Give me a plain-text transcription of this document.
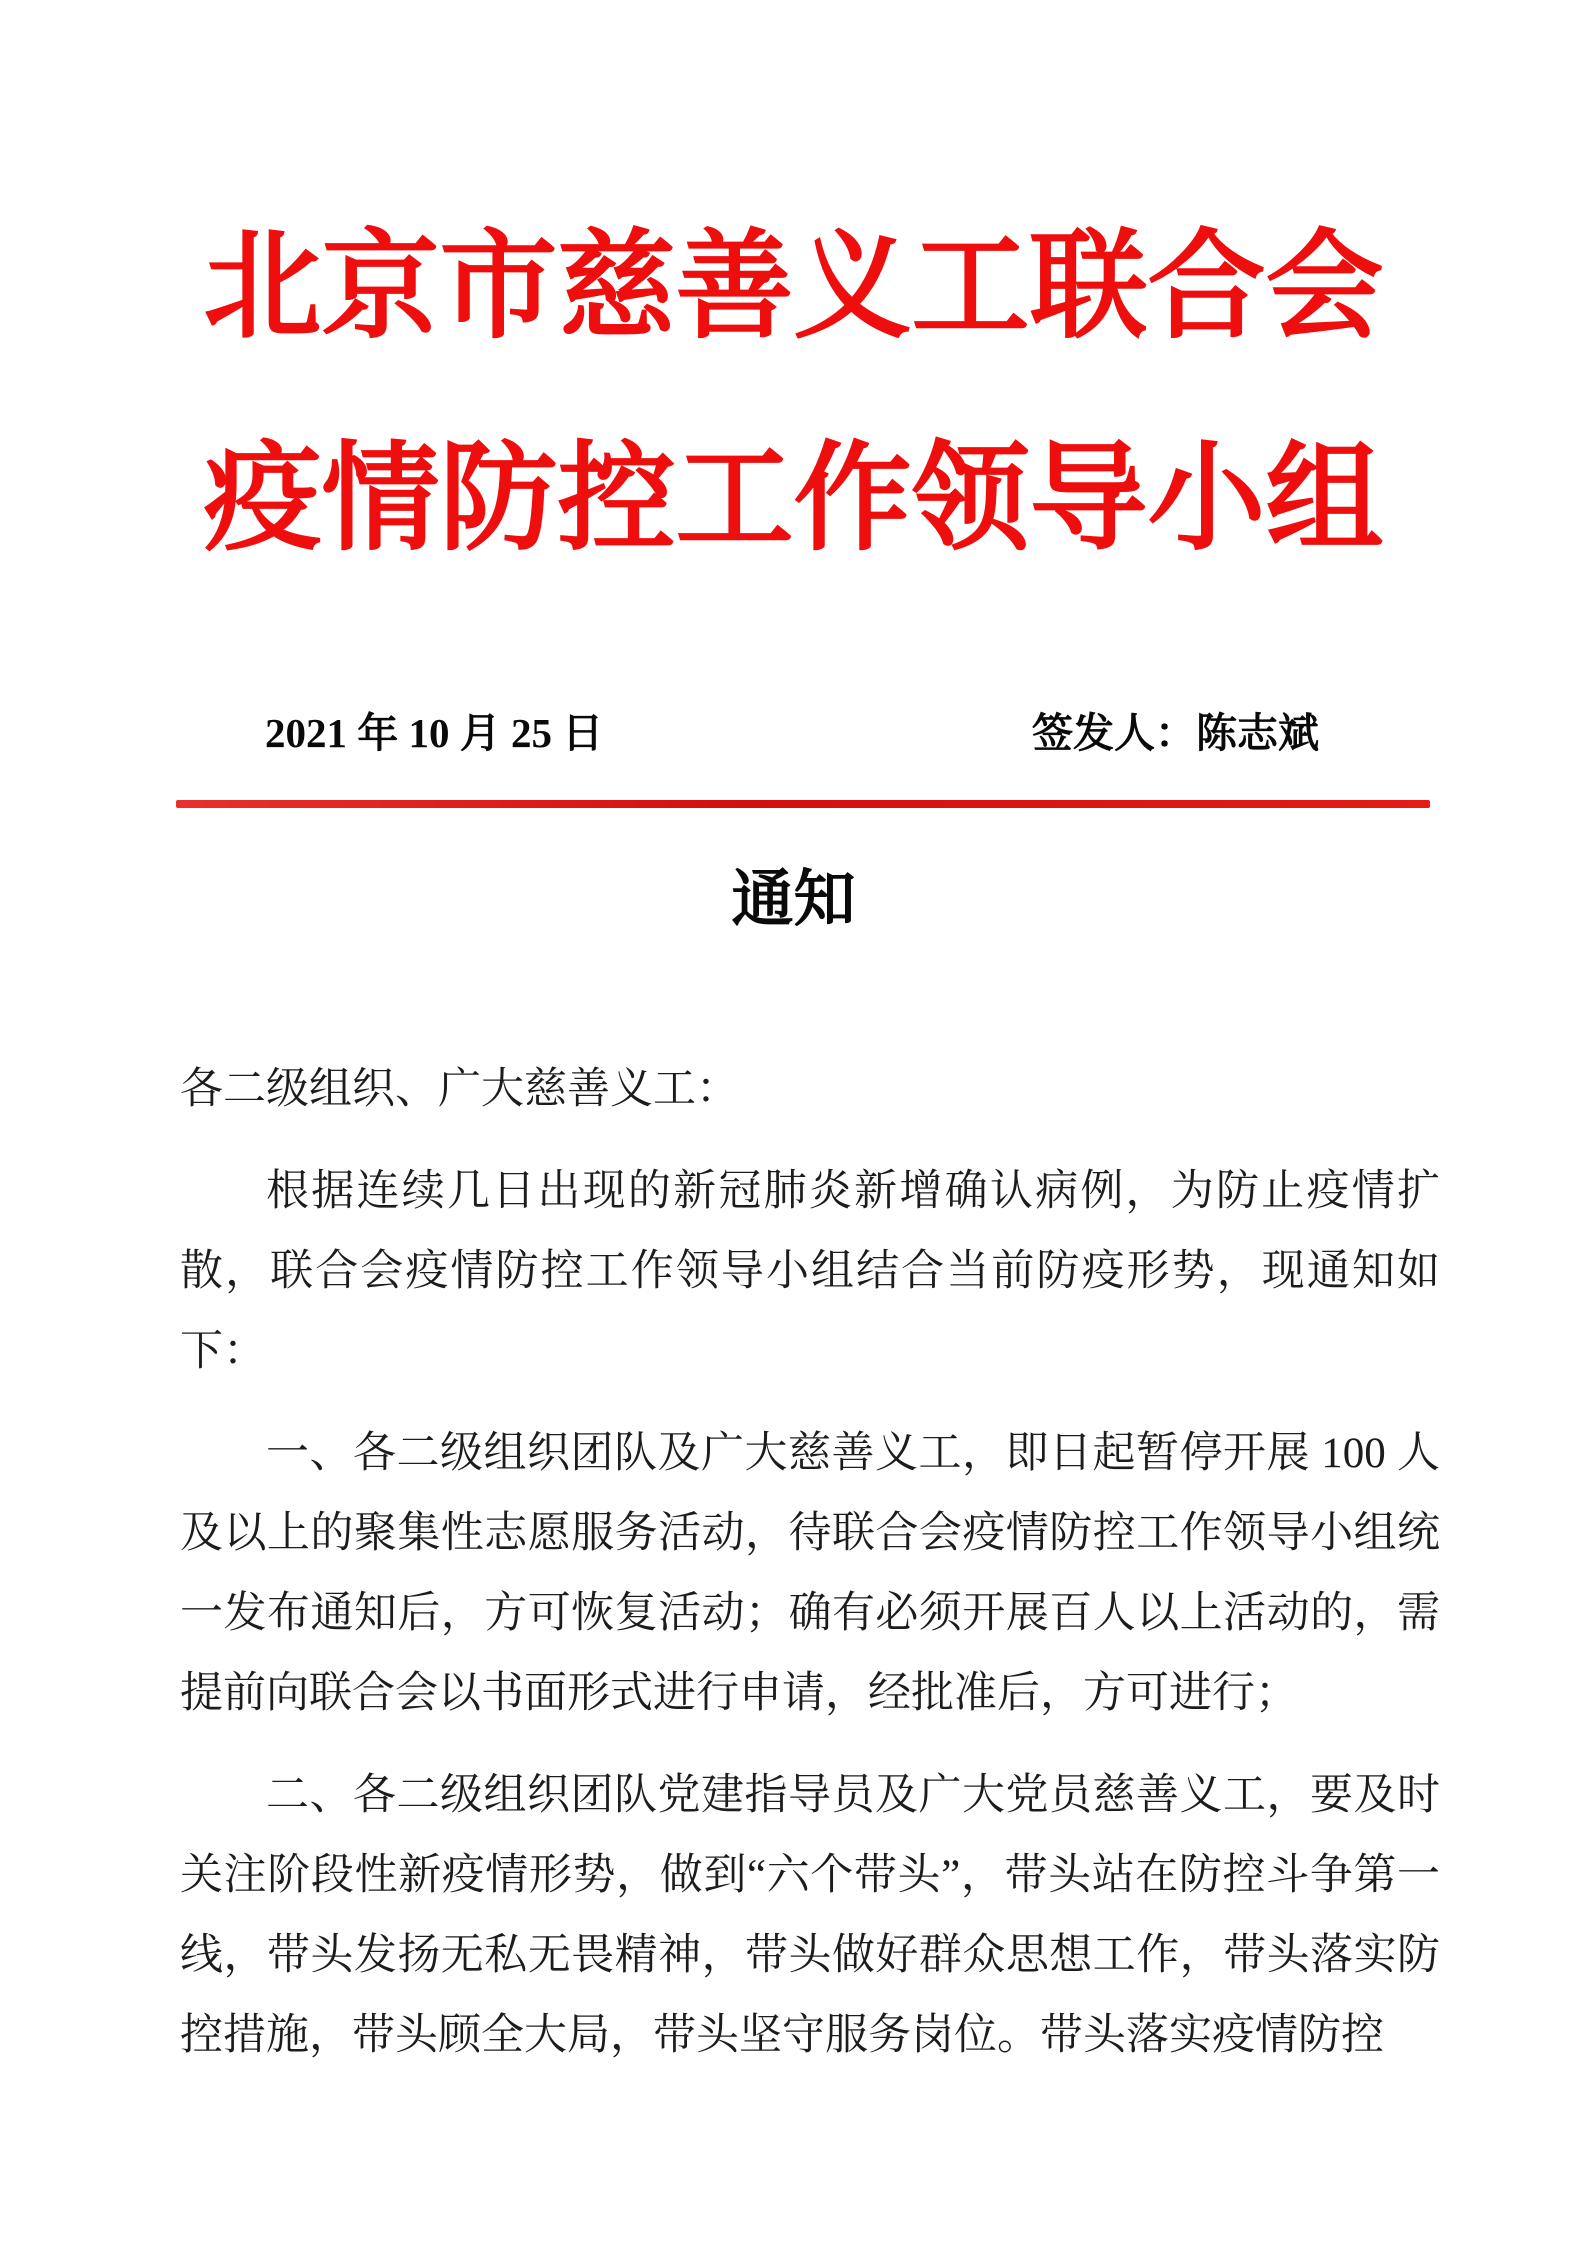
北京市慈善义工联合会
疫情防控工作领导小组
2021 年 10 月 25 日	签发人：陈志斌
通知

各二级组织、广大慈善义工：

根据连续几日出现的新冠肺炎新增确认病例，为防止疫情扩散，联合会疫情防控工作领导小组结合当前防疫形势，现通知如下：

一、各二级组织团队及广大慈善义工，即日起暂停开展 100 人及以上的聚集性志愿服务活动，待联合会疫情防控工作领导小组统一发布通知后，方可恢复活动；确有必须开展百人以上活动的，需提前向联合会以书面形式进行申请，经批准后，方可进行；

二、各二级组织团队党建指导员及广大党员慈善义工，要及时关注阶段性新疫情形势，做到“六个带头”，带头站在防控斗争第一线，带头发扬无私无畏精神，带头做好群众思想工作，带头落实防控措施，带头顾全大局，带头坚守服务岗位。带头落实疫情防控
